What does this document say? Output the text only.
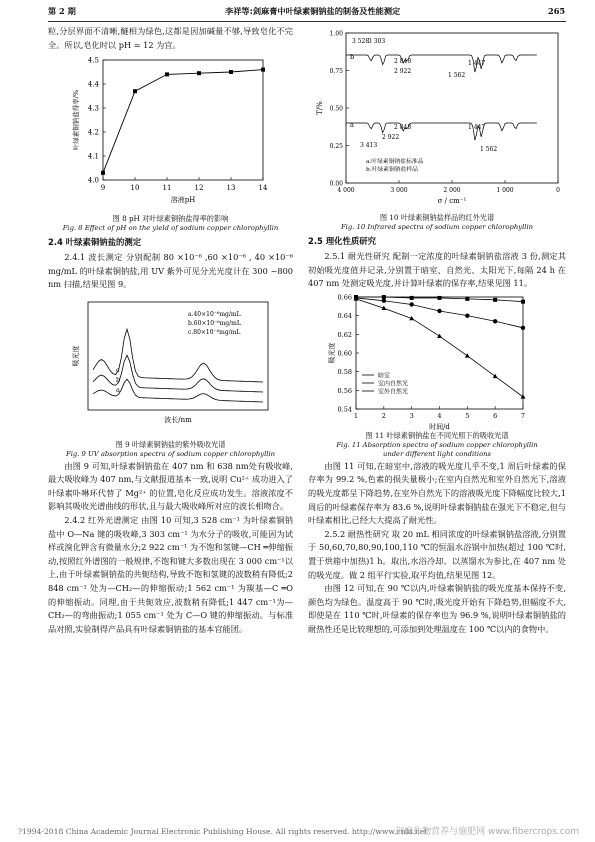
第 2 期	李祥等:剑麻膏中叶绿素铜钠盐的制备及性能测定	265

粒,分层界面不清晰,醚相为绿色,这都是因加碱量不够,导致皂化不完全。所以,皂化时以 pH = 12 为宜。

9	10	11	12	13	14
4.0
4.1
4.2
4.3
4.4
4.5
溶液pH
叶绿素铜钠盐得率/%

图 8 pH 对叶绿素铜钠盐得率的影响

Fig. 8 Effect of pH on the yield of sodium copper chlorophyllin

2.4 叶绿素铜钠盐的测定

2.4.1 波长测定 分别配制 80 ×10⁻⁶ ,60 ×10⁻⁶ , 40 ×10⁻⁶ mg/mL 的叶绿素铜钠盐,用 UV 紫外可见分光光度计在 300 ~800 nm 扫描,结果见图 9。

a
b
c
a.40×10⁻⁶mg/mL
b.60×10⁻⁶mg/mL
c.80×10⁻⁶mg/mL
波长/nm
吸光度

图 9 叶绿素铜钠盐的紫外吸收光谱

Fig. 9 UV absorption spectra of sodium copper chlorophyllin

由图 9 可知,叶绿素铜钠盐在 407 nm 和 638 nm处有吸收峰,最大吸收峰为 407 nm,与文献报道基本一致,说明 Cu²⁺ 成功进入了叶绿素卟啉环代替了 Mg²⁺ 的位置,皂化反应成功发生。溶液浓度不影响其吸收光谱曲线的形状,且与最大吸收峰所对应的波长相吻合。

2.4.2 红外光谱测定 由图 10 可知,3 528 cm⁻¹ 为叶绿素铜钠盐中 O—Na 键的吸收峰,3 303 cm⁻¹ 为水分子的吸收,可能因为试样或溴化钾含有微量水分;2 922 cm⁻¹ 为不饱和氢键—CH ═伸缩振动,按照红外谱图的一般规律,不饱和键大多数出现在 3 000 cm⁻¹以上,由于叶绿素铜钠盐的共轭结构,导致不饱和氢键的波数稍有降低;2 848 cm⁻¹ 处为—CH₂—的伸缩振动;1 562 cm⁻¹ 为羰基—C ═O 的伸缩振动。同理,由于共轭效应,波数稍有降低;1 447 cm⁻¹为—CH₂—的弯曲振动;1 055 cm⁻¹ 处为 C—O 键的伸缩振动。与标准品对照,实验制得产品具有叶绿素铜钠盐的基本官能团。

0.00
0.25
0.50
0.75
1.00
4 000	3 000	2 000	1 000	0
b
a
3 528
3 303
2 848
2 922
1 562
1 447
3 413
2 848
2 922
1 447
1 562
a.叶绿素铜钠盐标准品
b.叶绿素铜钠盐样品
σ / cm⁻¹
T/%

图 10 叶绿素铜钠盐样品的红外光谱

Fig. 10 Infrared spectra of sodium copper chlorophyllin

2.5 理化性质研究

2.5.1 耐光性研究 配制一定浓度的叶绿素铜钠盐溶液 3 份,测定其初始吸光度值并记录,分别置于暗室、自然光、太阳光下,每隔 24 h 在 407 nm 处测定吸光度,并计算叶绿素的保存率,结果见图 11。

1	2	3	4	5	6	7
0.54
0.56
0.58
0.60
0.62
0.64
0.66
暗室
室内自然光
室外自然光
时间/d
吸光度

图 11 叶绿素铜钠盐在不同光照下的吸收光谱

Fig. 11 Absorption spectra of sodium copper chlorophyllin

under different light conditions

由图 11 可知,在暗室中,溶液的吸光度几乎不变,1 周后叶绿素的保存率为 99.2 %,色素的损失量极小;在室内自然光和室外自然光下,溶液的吸光度都呈下降趋势,在室外自然光下的溶液吸光度下降幅度比较大,1 周后的叶绿素保存率为 83.6 %,说明叶绿素铜钠盐在强光下不稳定,但与叶绿素相比,已经大大提高了耐光性。

2.5.2 耐热性研究 取 20 mL 相同浓度的叶绿素铜钠盐溶液,分别置于 50,60,70,80,90,100,110 ℃的恒温水浴锅中加热(超过 100 ℃时,置于烘箱中加热)1 h。取出,水浴冷却。以蒸馏水为参比,在 407 nm 处的吸光度。做 2 组平行实验,取平均值,结果见图 12。

由图 12 可知,在 90 ℃以内,叶绿素铜钠盐的吸光度基本保持不变,颜色均为绿色。温度高于 90 ℃时,吸光度开始有下降趋势,但幅度不大,即使是在 110 ℃时,叶绿素的保存率也为 96.9 %,说明叶绿素铜钠盐的耐热性还是比较理想的,可添加到处理温度在 100 ℃以内的食物中。

?1994-2018 China Academic Journal Electronic Publishing House. All rights reserved. http://www.cnki.net
剑麻作物营养与施肥网 www.fibercrops.com
